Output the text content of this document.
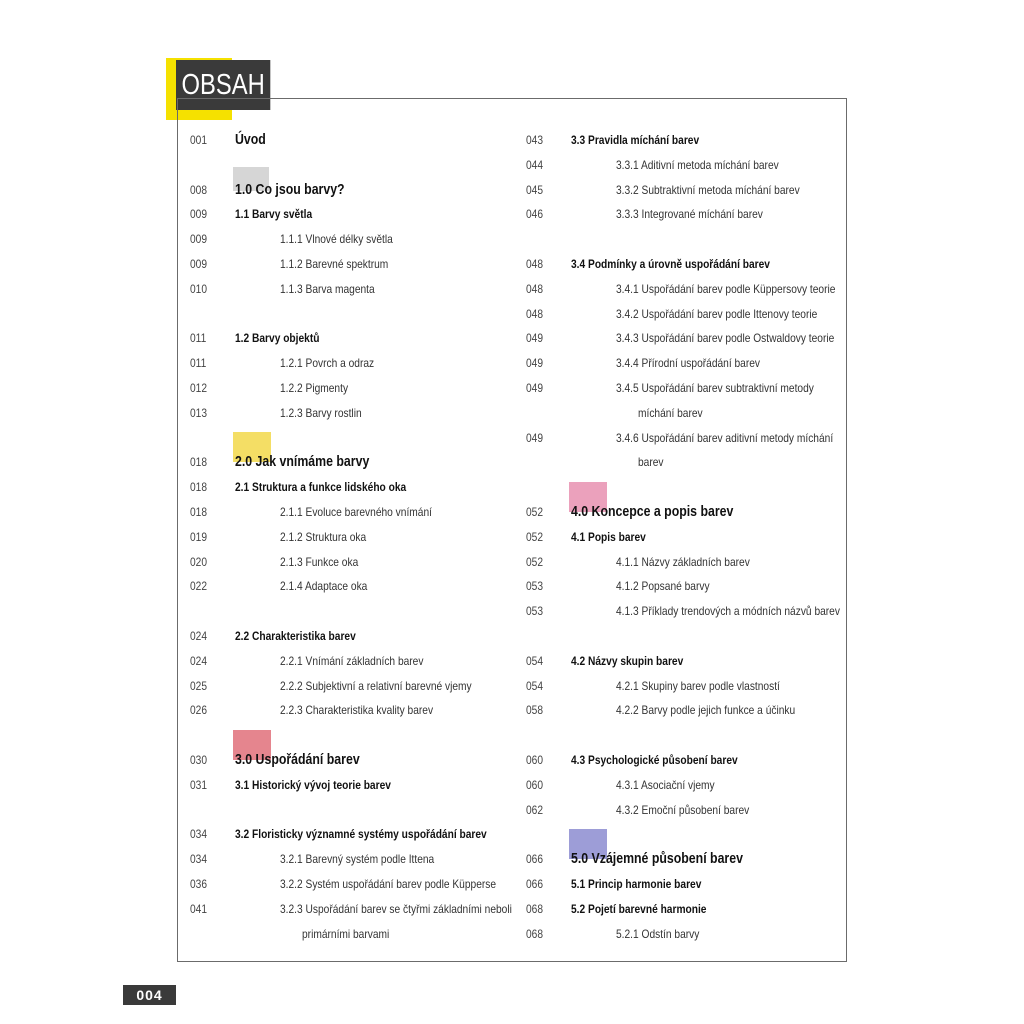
OBSAH
001 Úvod
008 1.0 Co jsou barvy?
009 1.1 Barvy světla
009	1.1.1 Vlnové délky světla
009	1.1.2 Barevné spektrum
010	1.1.3 Barva magenta
011 1.2 Barvy objektů
011	1.2.1 Povrch a odraz
012	1.2.2 Pigmenty
013	1.2.3 Barvy rostlin
018 2.0 Jak vnímáme barvy
018 2.1 Struktura a funkce lidského oka
018	2.1.1 Evoluce barevného vnímání
019	2.1.2 Struktura oka
020	2.1.3 Funkce oka
022	2.1.4 Adaptace oka
024 2.2 Charakteristika barev
024	2.2.1 Vnímání základních barev
025	2.2.2 Subjektivní a relativní barevné vjemy
026	2.2.3 Charakteristika kvality barev
030 3.0 Uspořádání barev
031 3.1 Historický vývoj teorie barev
034 3.2 Floristicky významné systémy uspořádání barev
034	3.2.1 Barevný systém podle Ittena
036	3.2.2 Systém uspořádání barev podle Küpperse
041	3.2.3 Uspořádání barev se čtyřmi základními neboli
primárními barvami
043 3.3 Pravidla míchání barev
044	3.3.1 Aditivní metoda míchání barev
045	3.3.2 Subtraktivní metoda míchání barev
046	3.3.3 Integrované míchání barev
048 3.4 Podmínky a úrovně uspořádání barev
048	3.4.1 Uspořádání barev podle Küppersovy teorie
048	3.4.2 Uspořádání barev podle Ittenovy teorie
049	3.4.3 Uspořádání barev podle Ostwaldovy teorie
049	3.4.4 Přírodní uspořádání barev
049	3.4.5 Uspořádání barev subtraktivní metody
míchání barev
049	3.4.6 Uspořádání barev aditivní metody míchání
barev
052 4.0 Koncepce a popis barev
052 4.1 Popis barev
052	4.1.1 Názvy základních barev
053	4.1.2 Popsané barvy
053	4.1.3 Příklady trendových a módních názvů barev
054 4.2 Názvy skupin barev
054	4.2.1 Skupiny barev podle vlastností
058	4.2.2 Barvy podle jejich funkce a účinku
060 4.3 Psychologické působení barev
060	4.3.1 Asociační vjemy
062	4.3.2 Emoční působení barev
066 5.0 Vzájemné působení barev
066 5.1 Princip harmonie barev
068 5.2 Pojetí barevné harmonie
068	5.2.1 Odstín barvy
004
